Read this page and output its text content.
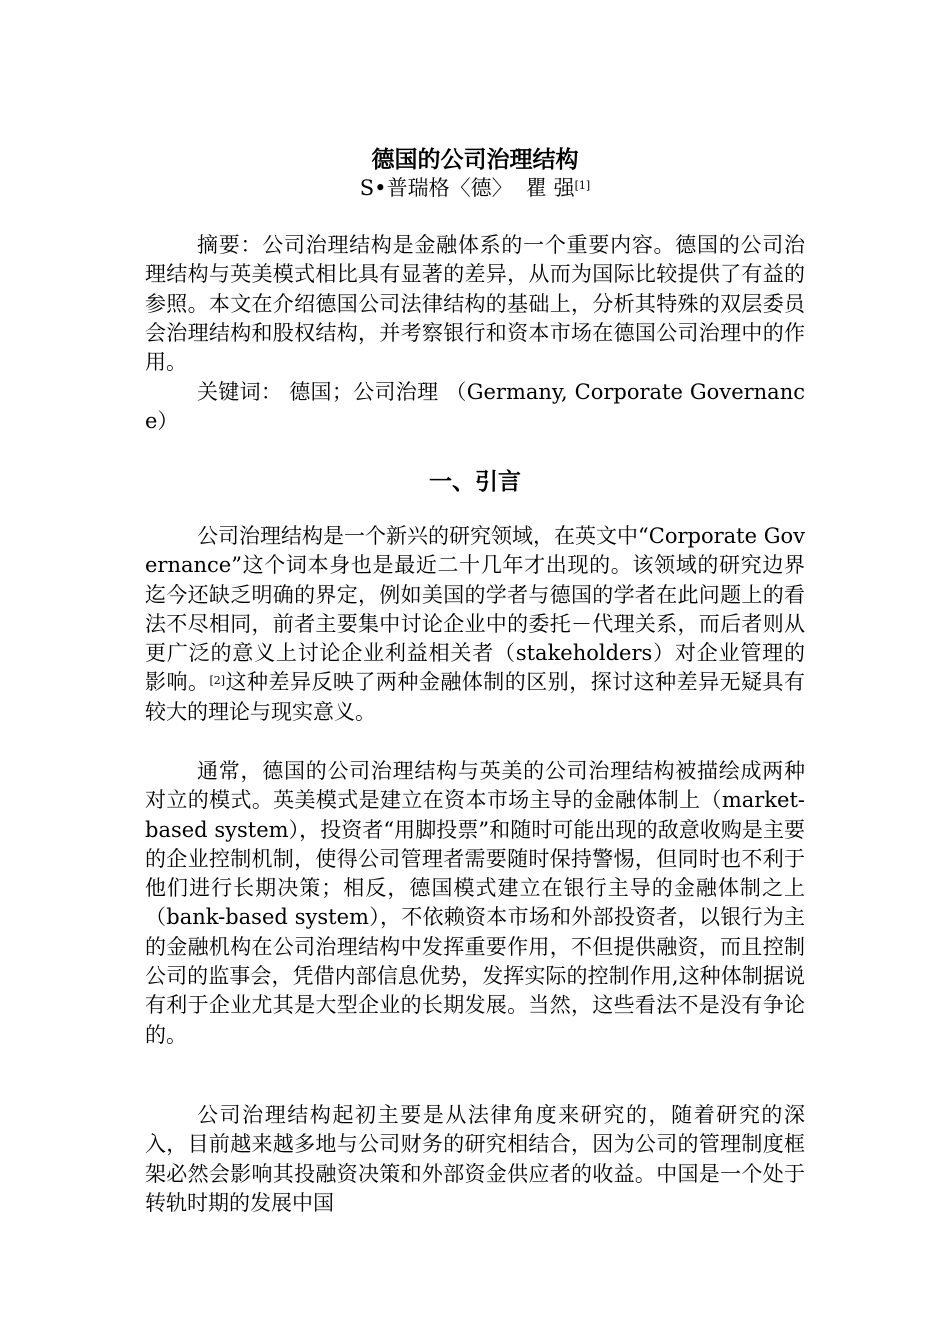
德国的公司治理结构

S•普瑞格〈德〉  瞿 强[1]

摘要：公司治理结构是金融体系的一个重要内容。德国的公司治理结构与英美模式相比具有显著的差异，从而为国际比较提供了有益的参照。本文在介绍德国公司法律结构的基础上，分析其特殊的双层委员会治理结构和股权结构，并考察银行和资本市场在德国公司治理中的作用。

关键词： 德国；公司治理 （Germany, Corporate Governance）

一、引言

公司治理结构是一个新兴的研究领域，在英文中“Corporate Governance”这个词本身也是最近二十几年才出现的。该领域的研究边界迄今还缺乏明确的界定，例如美国的学者与德国的学者在此问题上的看法不尽相同，前者主要集中讨论企业中的委托－代理关系，而后者则从更广泛的意义上讨论企业利益相关者（stakeholders）对企业管理的影响。[2]这种差异反映了两种金融体制的区别，探讨这种差异无疑具有较大的理论与现实意义。

通常，德国的公司治理结构与英美的公司治理结构被描绘成两种对立的模式。英美模式是建立在资本市场主导的金融体制上（market-based system），投资者“用脚投票”和随时可能出现的敌意收购是主要的企业控制机制，使得公司管理者需要随时保持警惕，但同时也不利于他们进行长期决策；相反，德国模式建立在银行主导的金融体制之上（bank-based system），不依赖资本市场和外部投资者，以银行为主的金融机构在公司治理结构中发挥重要作用，不但提供融资，而且控制公司的监事会，凭借内部信息优势，发挥实际的控制作用,这种体制据说有利于企业尤其是大型企业的长期发展。当然，这些看法不是没有争论的。

公司治理结构起初主要是从法律角度来研究的，随着研究的深入，目前越来越多地与公司财务的研究相结合，因为公司的管理制度框架必然会影响其投融资决策和外部资金供应者的收益。中国是一个处于转轨时期的发展中国
